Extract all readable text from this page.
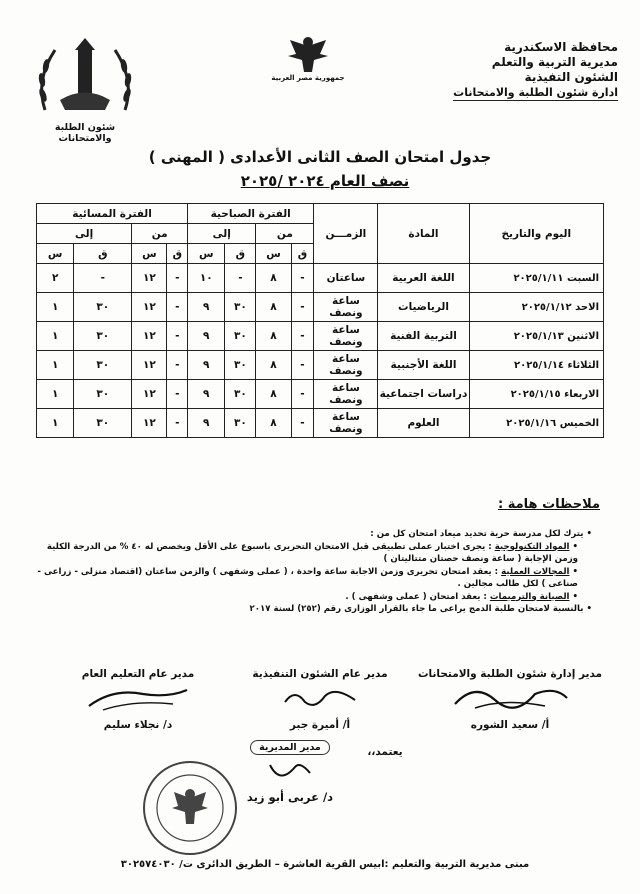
شئون الطلبة والامتحانات
جمهورية مصر العربية
محافظة الاسكندرية
مديرية التربية والتعلم
الشئون التفيذية
ادارة شئون الطلبة والامتحانات
جدول امتحان الصف الثانى الأعدادى ( المهنى )
نصف العام ٢٠٢٤ /٢٠٢٥
اليوم والتاريخ	المادة	الزمـــن	الفترة الصباحية				الفترة المسائية			
			من		إلى		من		إلى	
			ق	س	ق	س	ق	س	ق	س
السبت ٢٠٢٥/١/١١	اللغة العربية	ساعتان	-	٨	-	١٠	-	١٢	-	٢
الاحد ٢٠٢٥/١/١٢	الرياضيات	ساعة ونصف	-	٨	٣٠	٩	-	١٢	٣٠	١
الاثنين ٢٠٢٥/١/١٣	التربية الفنية	ساعة ونصف	-	٨	٣٠	٩	-	١٢	٣٠	١
الثلاثاء ٢٠٢٥/١/١٤	اللغة الأجنبية	ساعة ونصف	-	٨	٣٠	٩	-	١٢	٣٠	١
الاربعاء ٢٠٢٥/١/١٥	دراسات اجتماعية	ساعة ونصف	-	٨	٣٠	٩	-	١٢	٣٠	١
الخميس ٢٠٢٥/١/١٦	العلوم	ساعة ونصف	-	٨	٣٠	٩	-	١٢	٣٠	١
ملاحظات هامة :
• يترك لكل مدرسة حرية تحديد ميعاد امتحان كل من :
• المواد التكنولوجية : يجرى اختبار عملى تطبيقى قبل الامتحان التحريرى باسبوع على الأقل ويخصص له ٤٠ % من الدرجة الكلية وزمن الإجابة ( ساعة ونصف حصتان متتاليتان )
• المجالات العملية : يعقد امتحان تحريرى وزمن الاجابة ساعة واحدة ، ( عملى وشفهى ) والزمن ساعتان (اقتصاد منزلى - زراعى - صناعى ) لكل طالب مجالين .
• الصيانة والترميمات : يعقد امتحان ( عملى وشفهى ) .
• بالنسبة لامتحان طلبة الدمج يراعى ما جاء بالقرار الوزارى رقم (٢٥٢) لسنة ٢٠١٧
مدير إدارة شئون الطلبة والامتحانات
أ/ سعيد الشوره
مدير عام الشئون التنفيذية
أ/ أميرة جبر
مدير عام التعليم العام
د/ نجلاء سليم
يعتمد،،
مدير المديرية
د/ عربى أبو زيد
مبنى مديرية التربية والتعليم :ابيس القرية العاشرة – الطريق الدائرى ت/ ٣٠٢٥٧٤٠٣٠
